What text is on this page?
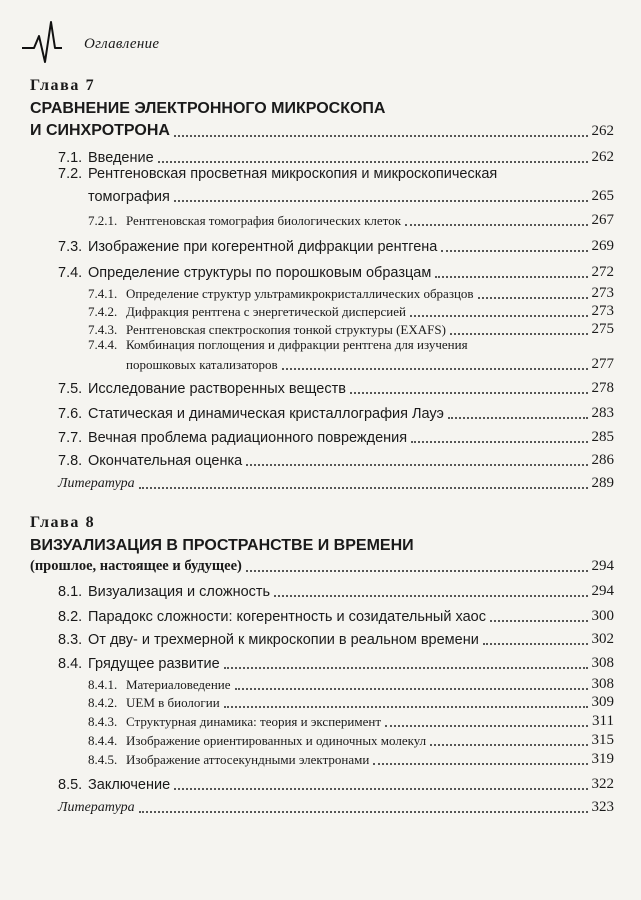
Оглавление
Глава 7
СРАВНЕНИЕ ЭЛЕКТРОННОГО МИКРОСКОПА
И СИНХРОТРОНА	262
7.1. Введение	262
7.2. Рентгеновская просветная микроскопия и микроскопическая
томография	265
7.2.1. Рентгеновская томография биологических клеток	267
7.3. Изображение при когерентной дифракции рентгена	269
7.4. Определение структуры по порошковым образцам	272
7.4.1. Определение структур ультрамикрокристаллических образцов	273
7.4.2. Дифракция рентгена с энергетической дисперсией	273
7.4.3. Рентгеновская спектроскопия тонкой структуры (EXAFS)	275
7.4.4. Комбинация поглощения и дифракции рентгена для изучения
порошковых катализаторов	277
7.5. Исследование растворенных веществ	278
7.6. Статическая и динамическая кристаллография Лауэ	283
7.7. Вечная проблема радиационного повреждения	285
7.8. Окончательная оценка	286
Литература	289
Глава 8
ВИЗУАЛИЗАЦИЯ В ПРОСТРАНСТВЕ И ВРЕМЕНИ
(прошлое, настоящее и будущее)	294
8.1. Визуализация и сложность	294
8.2. Парадокс сложности: когерентность и созидательный хаос	300
8.3. От дву- и трехмерной к микроскопии в реальном времени	302
8.4. Грядущее развитие	308
8.4.1. Материаловедение	308
8.4.2. UEM в биологии	309
8.4.3. Структурная динамика: теория и эксперимент	311
8.4.4. Изображение ориентированных и одиночных молекул	315
8.4.5. Изображение аттосекундными электронами	319
8.5. Заключение	322
Литература	323
